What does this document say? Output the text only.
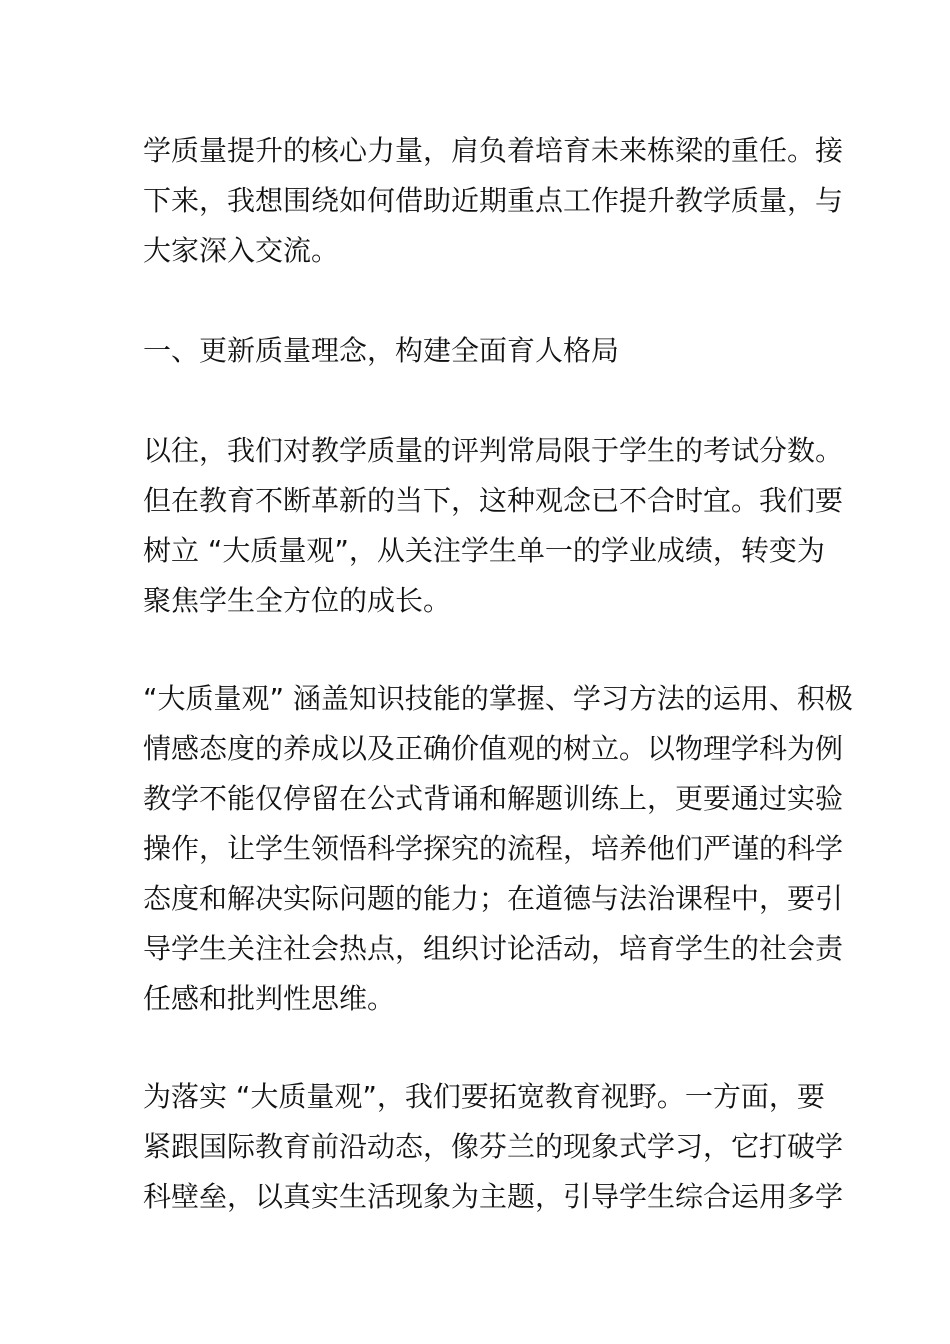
学质量提升的核心力量，肩负着培育未来栋梁的重任。接
下来，我想围绕如何借助近期重点工作提升教学质量，与
大家深入交流。
一、更新质量理念，构建全面育人格局
以往，我们对教学质量的评判常局限于学生的考试分数。
但在教育不断革新的当下，这种观念已不合时宜。我们要
树立 “大质量观”，从关注学生单一的学业成绩，转变为
聚焦学生全方位的成长。
“大质量观” 涵盖知识技能的掌握、学习方法的运用、积极
情感态度的养成以及正确价值观的树立。以物理学科为例
教学不能仅停留在公式背诵和解题训练上，更要通过实验
操作，让学生领悟科学探究的流程，培养他们严谨的科学
态度和解决实际问题的能力；在道德与法治课程中，要引
导学生关注社会热点，组织讨论活动，培育学生的社会责
任感和批判性思维。
为落实 “大质量观”，我们要拓宽教育视野。一方面，要
紧跟国际教育前沿动态，像芬兰的现象式学习，它打破学
科壁垒，以真实生活现象为主题，引导学生综合运用多学
